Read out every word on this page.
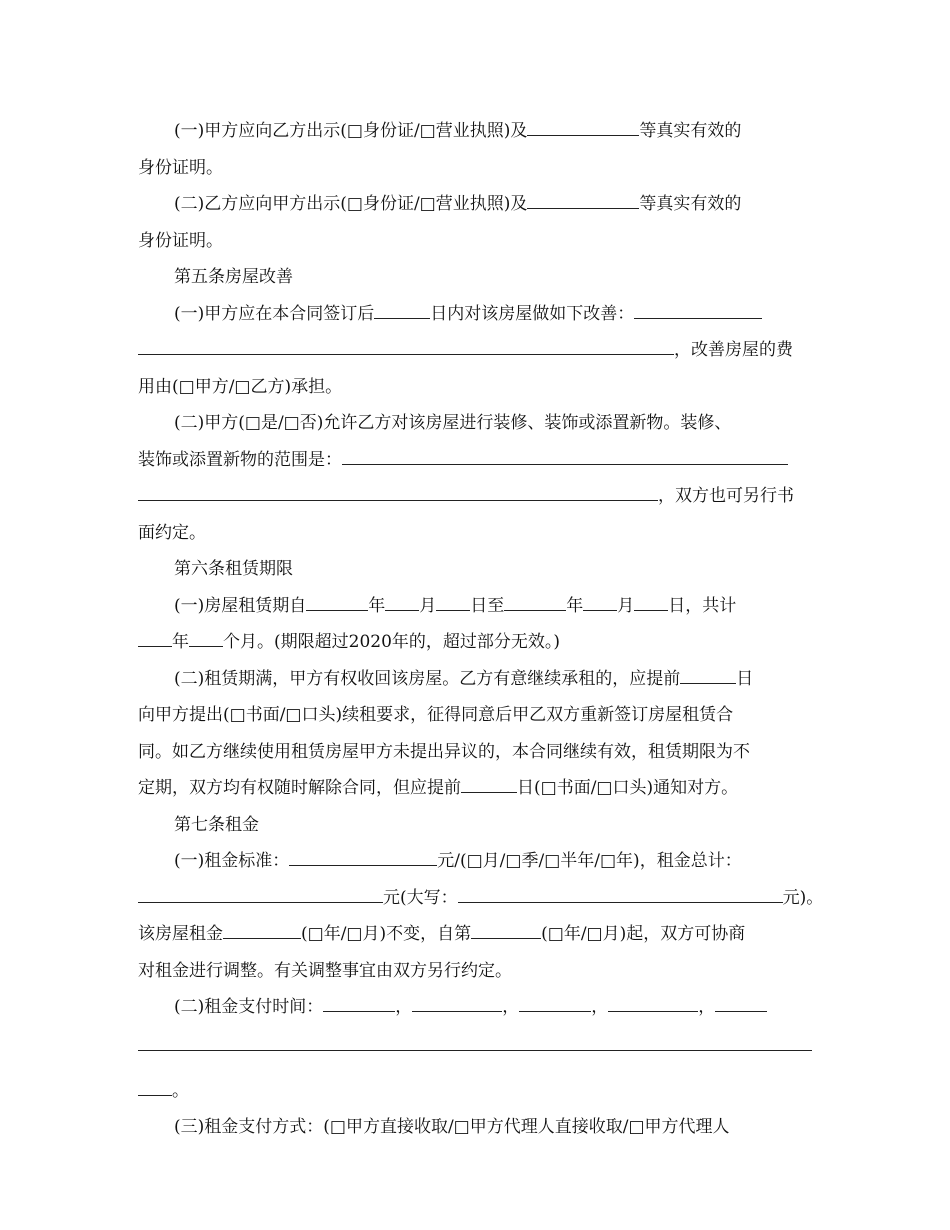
(一)甲方应向乙方出示(□身份证/□营业执照)及	等真实有效的
身份证明。
(二)乙方应向甲方出示(□身份证/□营业执照)及	等真实有效的
身份证明。
第五条房屋改善
(一)甲方应在本合同签订后	日内对该房屋做如下改善：
，改善房屋的费
用由(□甲方/□乙方)承担。
(二)甲方(□是/□否)允许乙方对该房屋进行装修、装饰或添置新物。装修、
装饰或添置新物的范围是：
，双方也可另行书
面约定。
第六条租赁期限
(一)房屋租赁期自	年 月 日至	年 月 日，共计
年 个月。(期限超过2020年的，超过部分无效。)
(二)租赁期满，甲方有权收回该房屋。乙方有意继续承租的，应提前	日
向甲方提出(□书面/□口头)续租要求，征得同意后甲乙双方重新签订房屋租赁合
同。如乙方继续使用租赁房屋甲方未提出异议的，本合同继续有效，租赁期限为不
定期，双方均有权随时解除合同，但应提前	日(□书面/□口头)通知对方。
第七条租金
(一)租金标准：	元/(□月/□季/□半年/□年)，租金总计：
元(大写：	元)。
该房屋租金	(□年/□月)不变，自第	(□年/□月)起，双方可协商
对租金进行调整。有关调整事宜由双方另行约定。
(二)租金支付时间：	，	，	，	，
。
(三)租金支付方式：(□甲方直接收取/□甲方代理人直接收取/□甲方代理人
